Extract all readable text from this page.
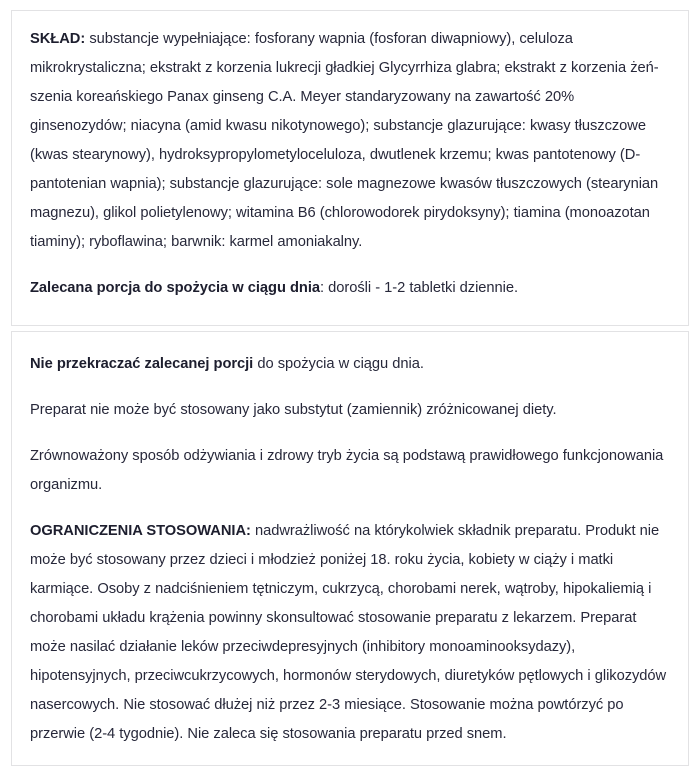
SKŁAD: substancje wypełniające: fosforany wapnia (fosforan diwapniowy), celuloza mikrokrystaliczna; ekstrakt z korzenia lukrecji gładkiej Glycyrrhiza glabra; ekstrakt z korzenia żeń-szenia koreańskiego Panax ginseng C.A. Meyer standaryzowany na zawartość 20% ginsenozydów; niacyna (amid kwasu nikotynowego); substancje glazurujące: kwasy tłuszczowe (kwas stearynowy), hydroksypropylometyloceluloza, dwutlenek krzemu; kwas pantotenowy (D-pantotenian wapnia); substancje glazurujące: sole magnezowe kwasów tłuszczowych (stearynian magnezu), glikol polietylenowy; witamina B6 (chlorowodorek pirydoksyny); tiamina (monoazotan tiaminy); ryboflawina; barwnik: karmel amoniakalny.

Zalecana porcja do spożycia w ciągu dnia: dorośli - 1-2 tabletki dziennie.

Nie przekraczać zalecanej porcji do spożycia w ciągu dnia.

Preparat nie może być stosowany jako substytut (zamiennik) zróżnicowanej diety.

Zrównoważony sposób odżywiania i zdrowy tryb życia są podstawą prawidłowego funkcjonowania organizmu.

OGRANICZENIA STOSOWANIA: nadwrażliwość na którykolwiek składnik preparatu. Produkt nie może być stosowany przez dzieci i młodzież poniżej 18. roku życia, kobiety w ciąży i matki karmiące. Osoby z nadciśnieniem tętniczym, cukrzycą, chorobami nerek, wątroby, hipokaliemią i chorobami układu krążenia powinny skonsultować stosowanie preparatu z lekarzem. Preparat może nasilać działanie leków przeciwdepresyjnych (inhibitory monoaminooksydazy), hipotensyjnych, przeciwcukrzycowych, hormonów sterydowych, diuretyków pętlowych i glikozydów nasercowych. Nie stosować dłużej niż przez 2-3 miesiące. Stosowanie można powtórzyć po przerwie (2-4 tygodnie). Nie zaleca się stosowania preparatu przed snem.
